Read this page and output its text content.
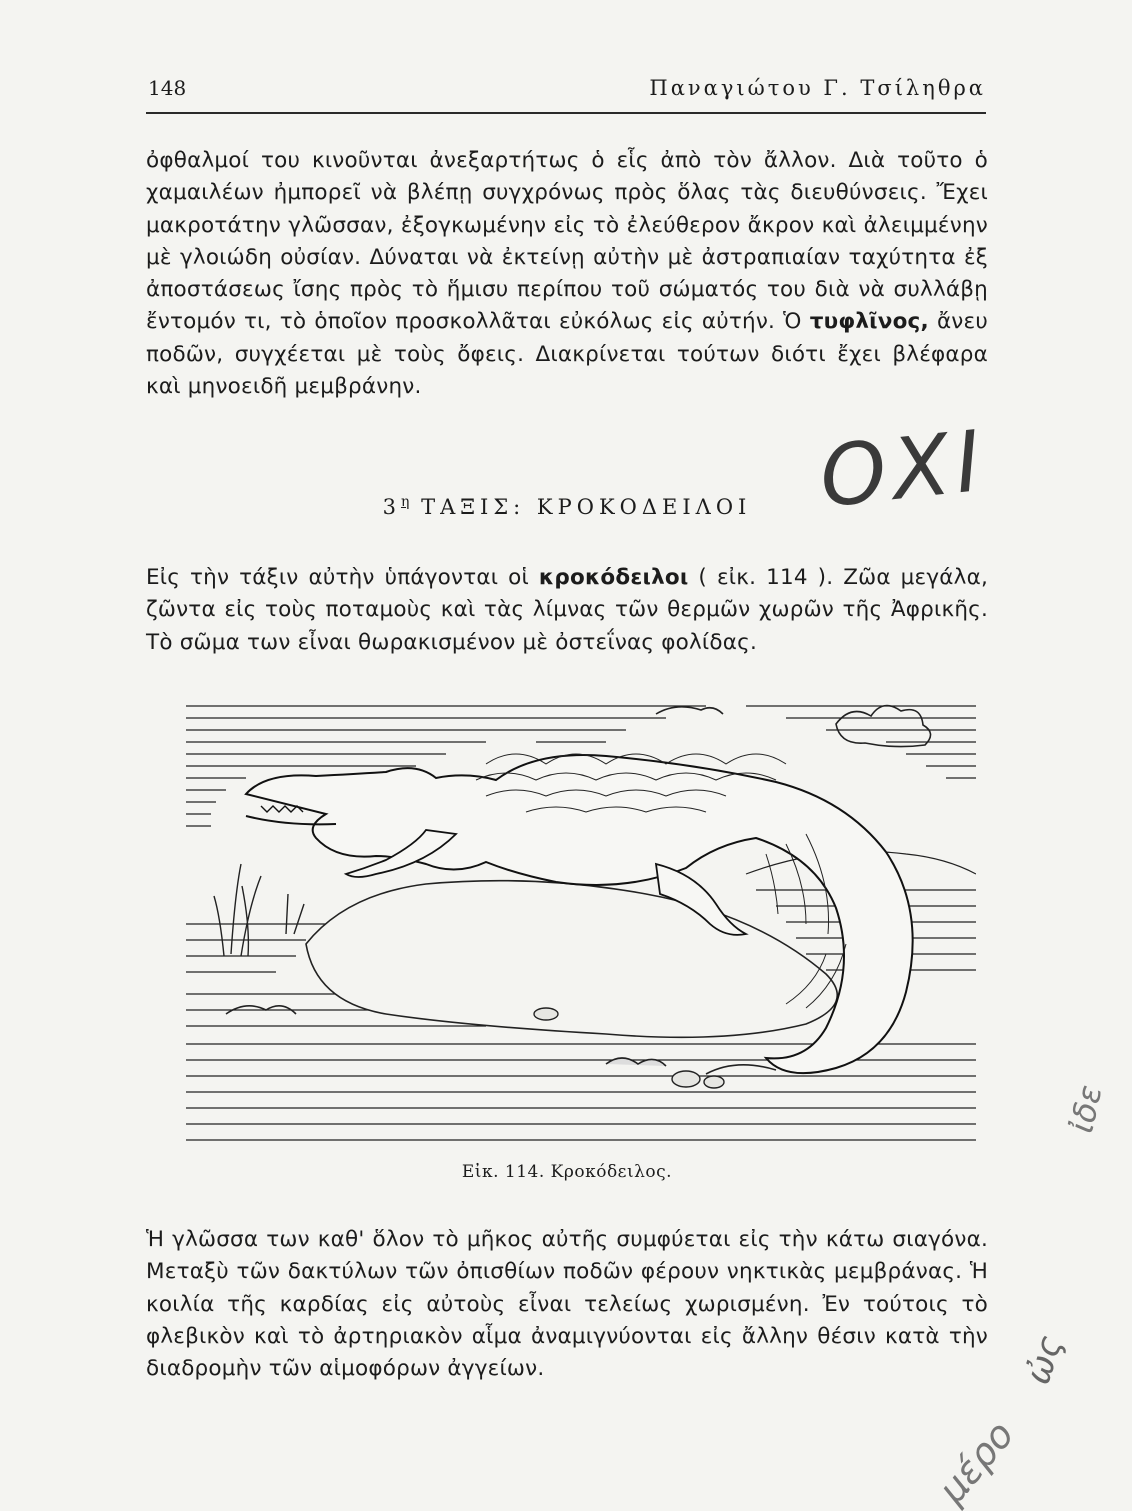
148	Παναγιώτου Γ. Τσίληθρα
ὀφθαλμοί του κινοῦνται ἀνεξαρτήτως ὁ εἷς ἀπὸ τὸν ἄλλον. Διὰ τοῦτο ὁ χαμαιλέων ἠμπορεῖ νὰ βλέπῃ συγχρόνως πρὸς ὅλας τὰς διευθύνσεις. Ἔχει μακροτάτην γλῶσσαν, ἐξογκωμένην εἰς τὸ ἐλεύθερον ἄκρον καὶ ἀλειμμένην μὲ γλοιώδη οὐσίαν. Δύναται νὰ ἐκτείνῃ αὐτὴν μὲ ἀστραπιαίαν ταχύτητα ἐξ ἀποστάσεως ἴσης πρὸς τὸ ἥμισυ περίπου τοῦ σώματός του διὰ νὰ συλλάβῃ ἔντομόν τι, τὸ ὁποῖον προσκολλᾶται εὐκόλως εἰς αὐτήν. Ὁ τυφλῖνος, ἄνευ ποδῶν, συγχέεται μὲ τοὺς ὄφεις. Διακρίνεται τούτων διότι ἔχει βλέφαρα καὶ μηνοειδῆ μεμβράνην.
$3^\eta$ ΤΑΞΙΣ: ΚΡΟΚΟΔΕΙΛΟΙ
Εἰς τὴν τάξιν αὐτὴν ὑπάγονται οἱ κροκόδειλοι ( εἰκ. 114 ). Ζῶα μεγάλα, ζῶντα εἰς τοὺς ποταμοὺς καὶ τὰς λίμνας τῶν θερμῶν χωρῶν τῆς Ἀφρικῆς. Τὸ σῶμα των εἶναι θωρακισμένον μὲ ὀστεΐνας φολίδας.
Εἰκ. 114. Κροκόδειλος.
Ἡ γλῶσσα των καθ' ὅλον τὸ μῆκος αὐτῆς συμφύεται εἰς τὴν κάτω σιαγόνα. Μεταξὺ τῶν δακτύλων τῶν ὀπισθίων ποδῶν φέρουν νηκτικὰς μεμβράνας. Ἡ κοιλία τῆς καρδίας εἰς αὐτοὺς εἶναι τελείως χωρισμένη. Ἐν τούτοις τὸ φλεβικὸν καὶ τὸ ἀρτηριακὸν αἷμα ἀναμιγνύονται εἰς ἄλλην θέσιν κατὰ τὴν διαδρομὴν τῶν αἱμοφόρων ἀγγείων.
ΟΧΙ
ἰδε
ὠς
μέρο
